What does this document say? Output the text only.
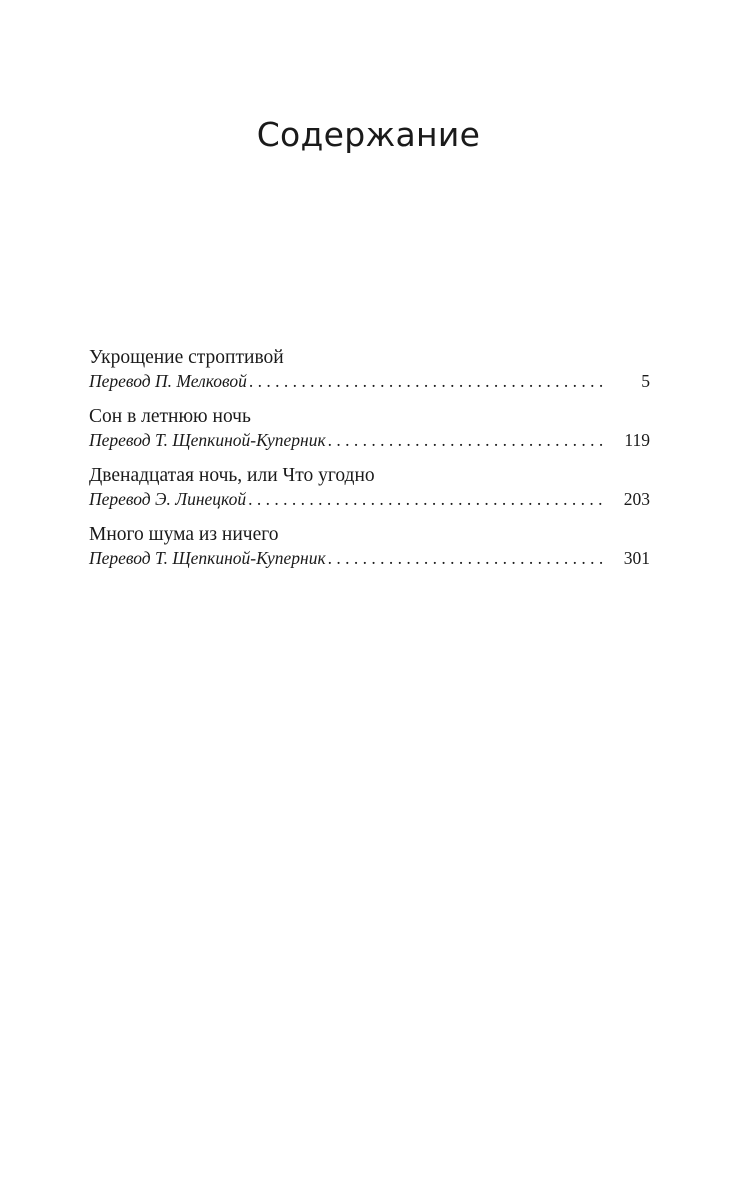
Содержание
Укрощение строптивой
Перевод П. Мелковой . . .	5
Сон в летнюю ночь
Перевод Т. Щепкиной-Куперник . . .	119
Двенадцатая ночь, или Что угодно
Перевод Э. Линецкой . . .	203
Много шума из ничего
Перевод Т. Щепкиной-Куперник . . .	301
